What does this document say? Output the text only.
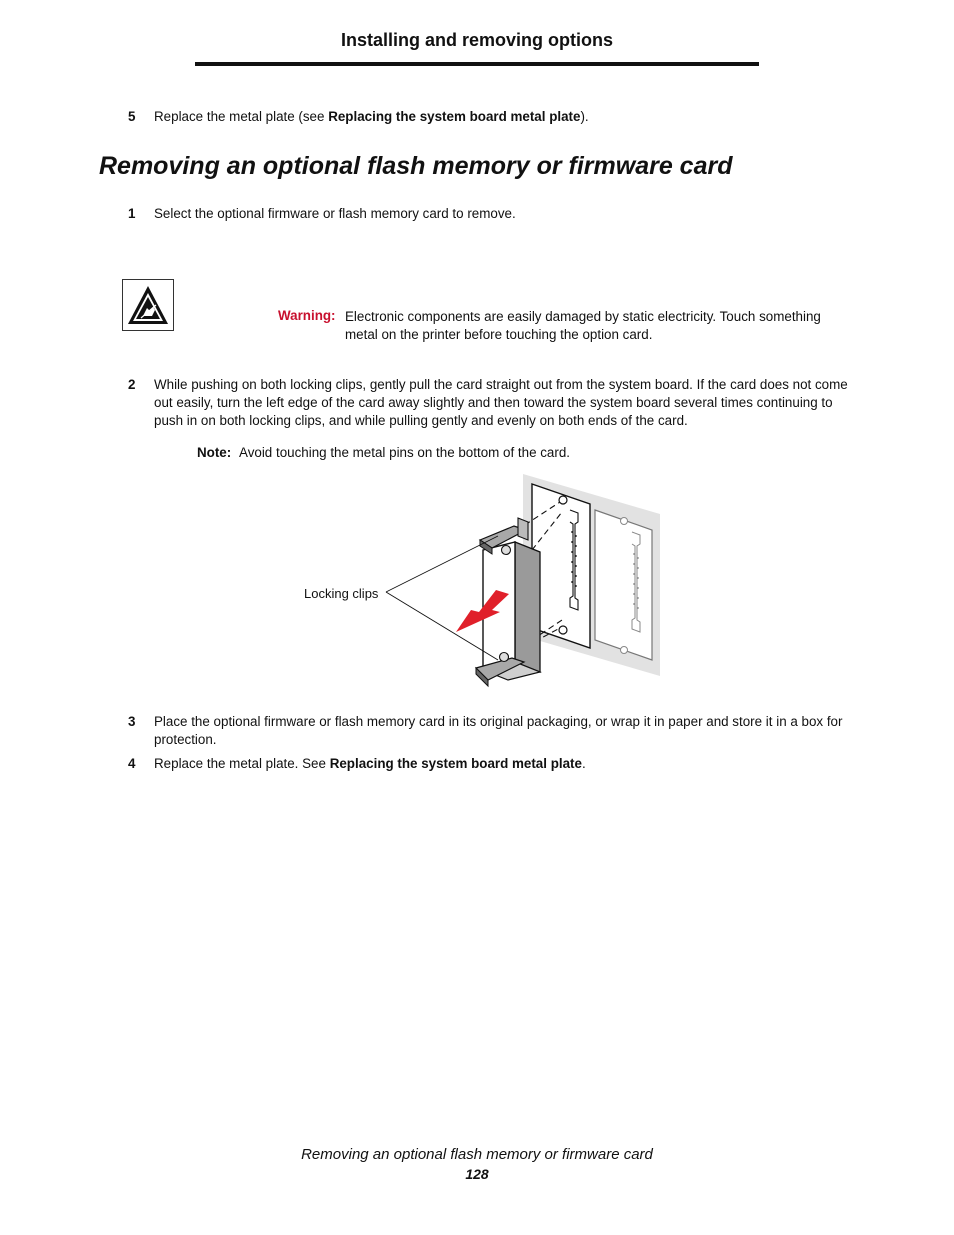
Installing and removing options
5 Replace the metal plate (see Replacing the system board metal plate).
Removing an optional flash memory or firmware card
1 Select the optional firmware or flash memory card to remove.
Warning: Electronic components are easily damaged by static electricity. Touch something metal on the printer before touching the option card.
2 While pushing on both locking clips, gently pull the card straight out from the system board. If the card does not come out easily, turn the left edge of the card away slightly and then toward the system board several times continuing to push in on both locking clips, and while pulling gently and evenly on both ends of the card.
Note: Avoid touching the metal pins on the bottom of the card.
Locking clips
3 Place the optional firmware or flash memory card in its original packaging, or wrap it in paper and store it in a box for protection.
4 Replace the metal plate. See Replacing the system board metal plate.
Removing an optional flash memory or firmware card
128
